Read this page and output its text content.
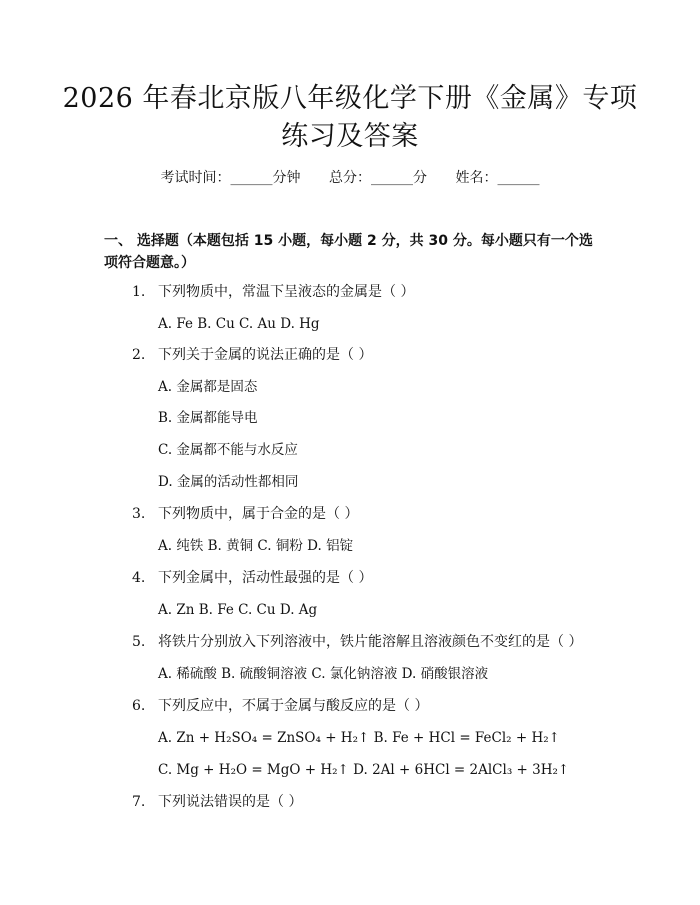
2026 年春北京版八年级化学下册《金属》专项练习及答案
考试时间：______分钟 总分：______分 姓名：______
一、 选择题（本题包括 15 小题，每小题 2 分，共 30 分。每小题只有一个选项符合题意。）
1. 下列物质中，常温下呈液态的金属是（ ）
A. Fe B. Cu C. Au D. Hg
2. 下列关于金属的说法正确的是（ ）
A. 金属都是固态
B. 金属都能导电
C. 金属都不能与水反应
D. 金属的活动性都相同
3. 下列物质中，属于合金的是（ ）
A. 纯铁 B. 黄铜 C. 铜粉 D. 铝锭
4. 下列金属中，活动性最强的是（ ）
A. Zn B. Fe C. Cu D. Ag
5. 将铁片分别放入下列溶液中，铁片能溶解且溶液颜色不变红的是（ ）
A. 稀硫酸 B. 硫酸铜溶液 C. 氯化钠溶液 D. 硝酸银溶液
6. 下列反应中，不属于金属与酸反应的是（ ）
A. Zn + H₂SO₄ = ZnSO₄ + H₂↑ B. Fe + HCl = FeCl₂ + H₂↑
C. Mg + H₂O = MgO + H₂↑ D. 2Al + 6HCl = 2AlCl₃ + 3H₂↑
7. 下列说法错误的是（ ）
